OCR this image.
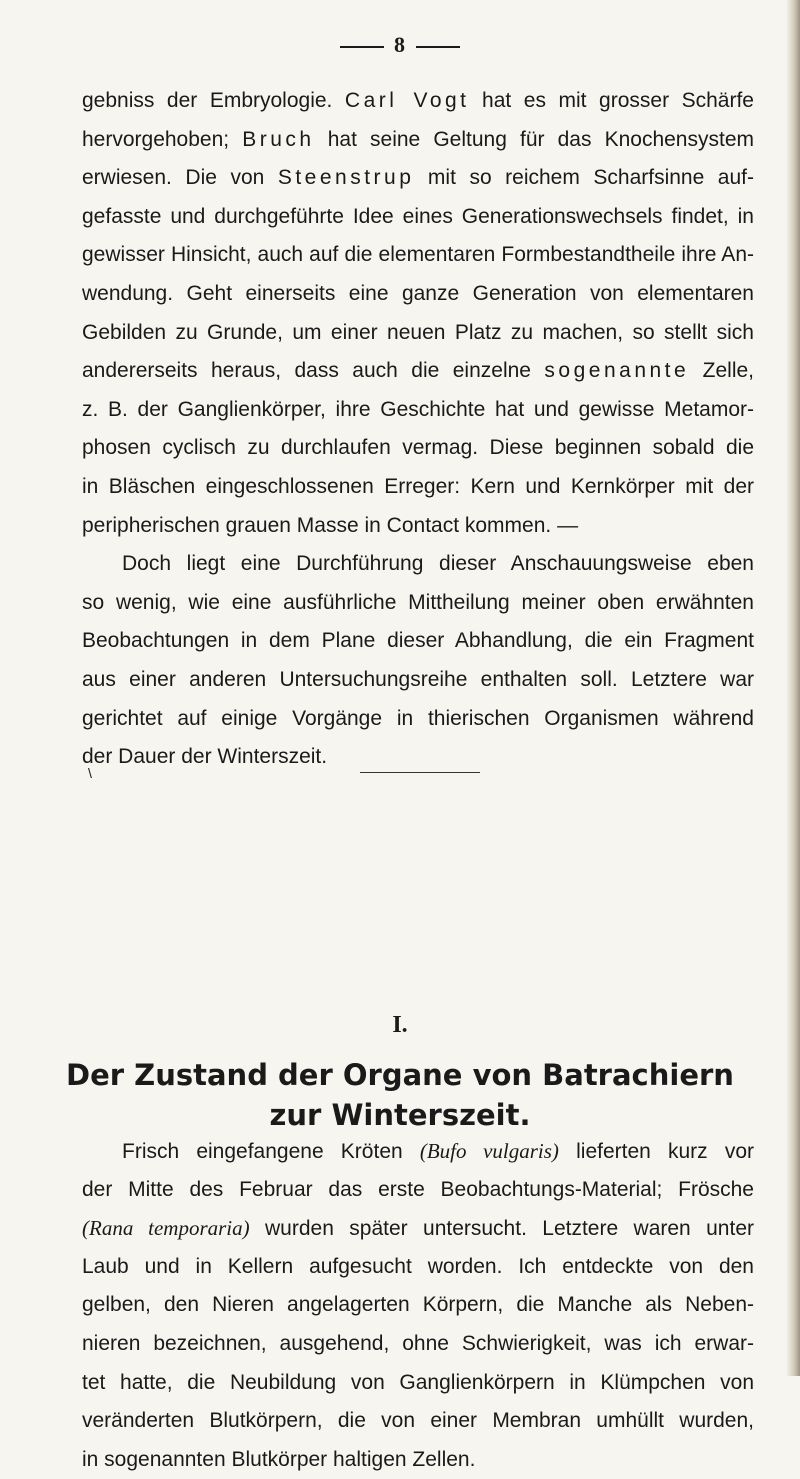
8
gebniss der Embryologie. Carl Vogt hat es mit grosser Schärfe
hervorgehoben; Bruch hat seine Geltung für das Knochensystem
erwiesen. Die von Steenstrup mit so reichem Scharfsinne auf-
gefasste und durchgeführte Idee eines Generationswechsels findet, in
gewisser Hinsicht, auch auf die elementaren Formbestandtheile ihre An-
wendung. Geht einerseits eine ganze Generation von elementaren
Gebilden zu Grunde, um einer neuen Platz zu machen, so stellt sich
andererseits heraus, dass auch die einzelne sogenannte Zelle,
z. B. der Ganglienkörper, ihre Geschichte hat und gewisse Metamor-
phosen cyclisch zu durchlaufen vermag. Diese beginnen sobald die
in Bläschen eingeschlossenen Erreger: Kern und Kernkörper mit der
peripherischen grauen Masse in Contact kommen. —
Doch liegt eine Durchführung dieser Anschauungsweise eben
so wenig, wie eine ausführliche Mittheilung meiner oben erwähnten
Beobachtungen in dem Plane dieser Abhandlung, die ein Fragment
aus einer anderen Untersuchungsreihe enthalten soll. Letztere war
gerichtet auf einige Vorgänge in thierischen Organismen während
der Dauer der Winterszeit.
\
I.
Der Zustand der Organe von Batrachiern
zur Winterszeit.
Frisch eingefangene Kröten (Bufo vulgaris) lieferten kurz vor
der Mitte des Februar das erste Beobachtungs-Material; Frösche
(Rana temporaria) wurden später untersucht. Letztere waren unter
Laub und in Kellern aufgesucht worden. Ich entdeckte von den
gelben, den Nieren angelagerten Körpern, die Manche als Neben-
nieren bezeichnen, ausgehend, ohne Schwierigkeit, was ich erwar-
tet hatte, die Neubildung von Ganglienkörpern in Klümpchen von
veränderten Blutkörpern, die von einer Membran umhüllt wurden,
in sogenannten Blutkörper haltigen Zellen.
